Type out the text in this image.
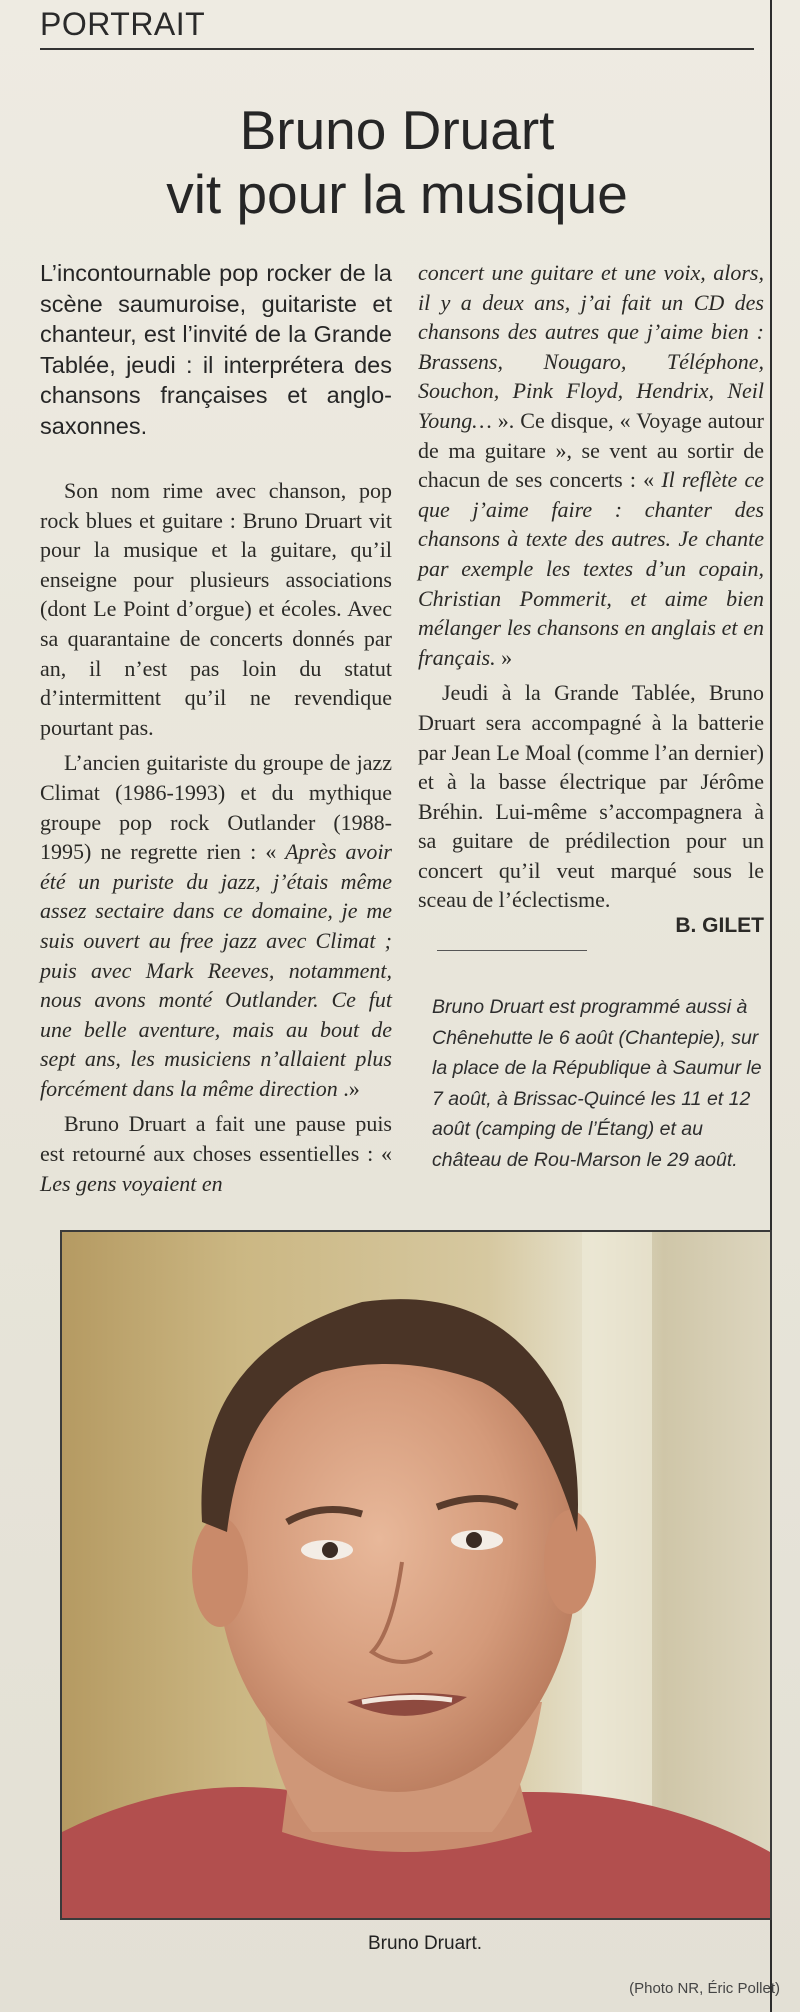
PORTRAIT
Bruno Druart
vit pour la musique
L’incontournable pop rocker de la scène saumuroise, guitariste et chanteur, est l’invité de la Grande Tablée, jeudi : il interprétera des chansons françaises et anglo-saxonnes.

Son nom rime avec chanson, pop rock blues et guitare : Bruno Druart vit pour la musique et la guitare, qu’il enseigne pour plusieurs associations (dont Le Point d’orgue) et écoles. Avec sa quarantaine de concerts donnés par an, il n’est pas loin du statut d’intermittent qu’il ne revendique pourtant pas.

L’ancien guitariste du groupe de jazz Climat (1986-1993) et du mythique groupe pop rock Outlander (1988-1995) ne regrette rien : « Après avoir été un puriste du jazz, j’étais même assez sectaire dans ce domaine, je me suis ouvert au free jazz avec Climat ; puis avec Mark Reeves, notamment, nous avons monté Outlander. Ce fut une belle aventure, mais au bout de sept ans, les musiciens n’allaient plus forcément dans la même direction .»

Bruno Druart a fait une pause puis est retourné aux choses essentielles : « Les gens voyaient en

concert une guitare et une voix, alors, il y a deux ans, j’ai fait un CD des chansons des autres que j’aime bien : Brassens, Nougaro, Téléphone, Souchon, Pink Floyd, Hendrix, Neil Young… ». Ce disque, « Voyage autour de ma guitare », se vent au sortir de chacun de ses concerts : « Il reflète ce que j’aime faire : chanter des chansons à texte des autres. Je chante par exemple les textes d’un copain, Christian Pommerit, et aime bien mélanger les chansons en anglais et en français. »

Jeudi à la Grande Tablée, Bruno Druart sera accompagné à la batterie par Jean Le Moal (comme l’an dernier) et à la basse électrique par Jérôme Bréhin. Lui-même s’accompagnera à sa guitare de prédilection pour un concert qu’il veut marqué sous le sceau de l’éclectisme.

B. GILET
Bruno Druart est programmé aussi à Chênehutte le 6 août (Chantepie), sur la place de la République à Saumur le 7 août, à Brissac-Quincé les 11 et 12 août (camping de l’Étang) et au château de Rou-Marson le 29 août.
Bruno Druart.
(Photo NR, Éric Pollet)
